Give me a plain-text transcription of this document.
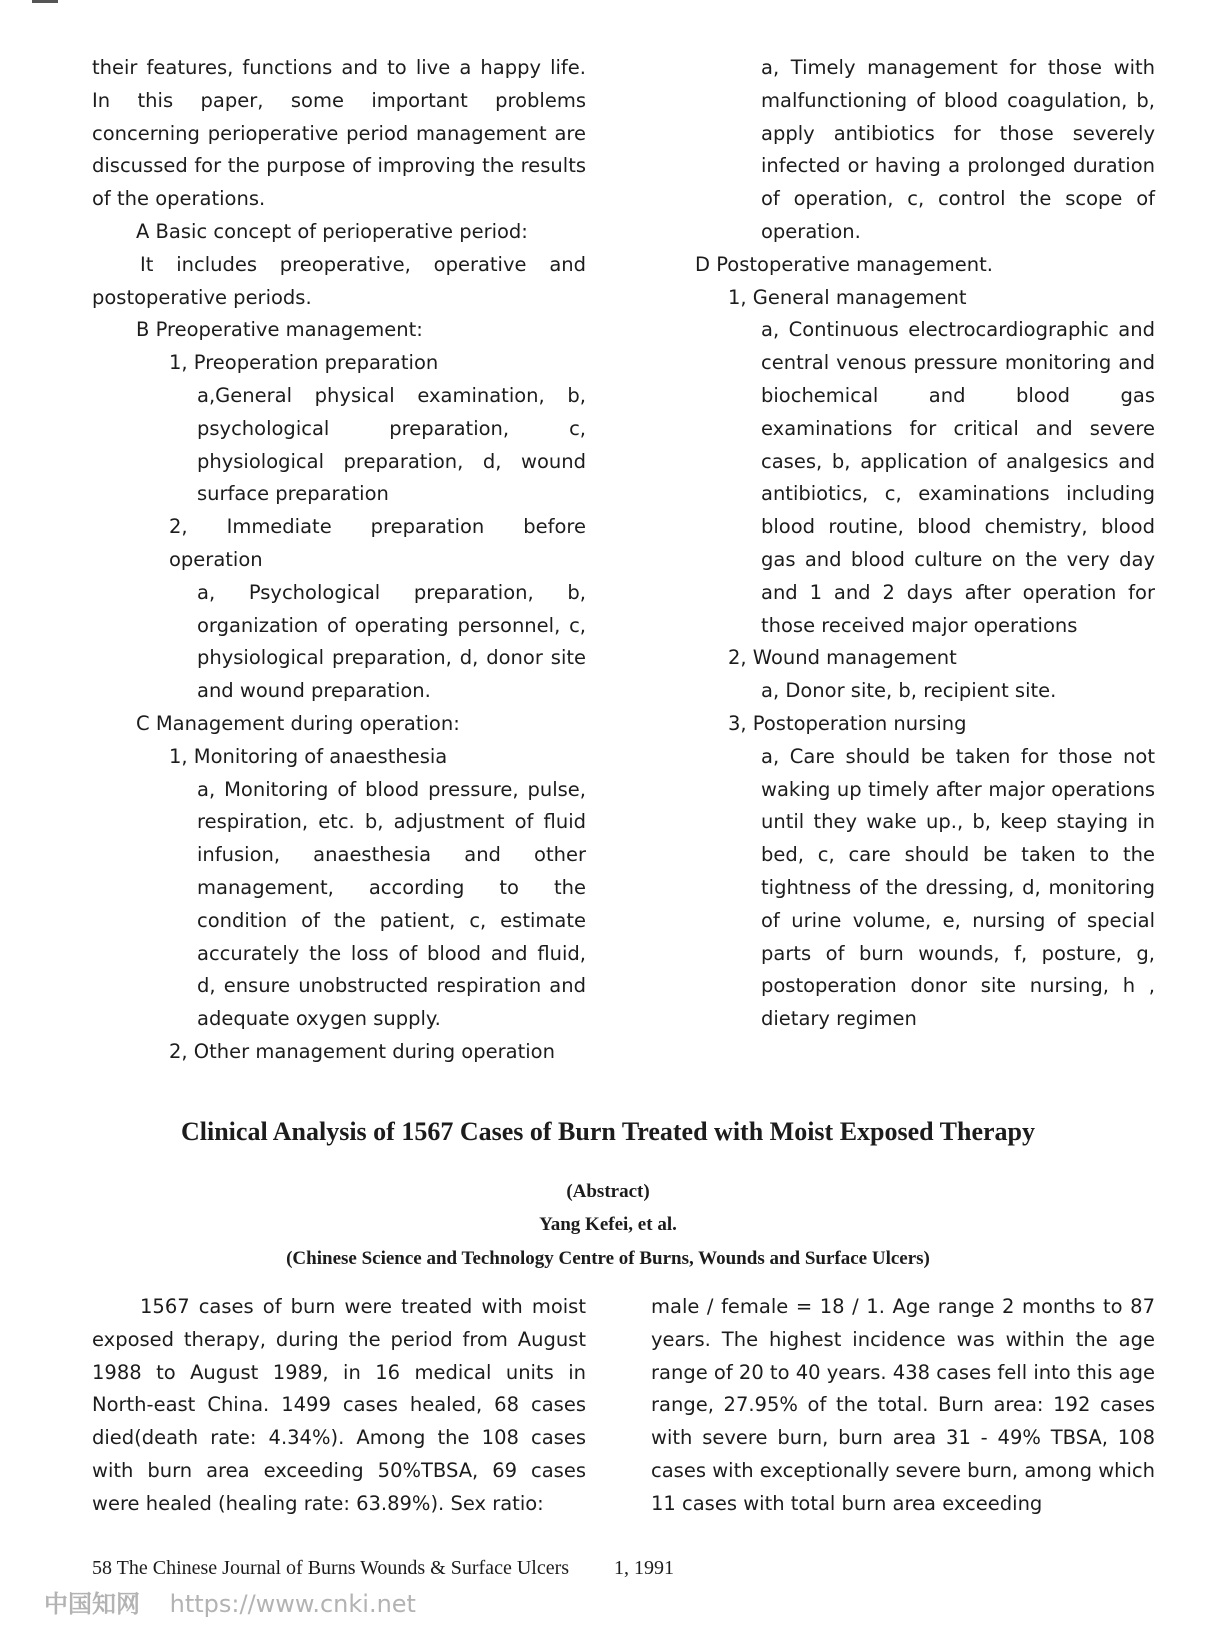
their features, functions and to live a happy life. In this paper, some important problems concerning perioperative period management are discussed for the purpose of improving the results of the operations.

A Basic concept of perioperative period:

It includes preoperative, operative and postoperative periods.

B Preoperative management:

1, Preoperation preparation

a,General physical examination, b, psychological preparation, c, physiological preparation, d, wound surface preparation

2, Immediate preparation before operation

a, Psychological preparation, b, organization of operating personnel, c, physiological preparation, d, donor site and wound preparation.

C Management during operation:

1, Monitoring of anaesthesia

a, Monitoring of blood pressure, pulse, respiration, etc. b, adjustment of fluid infusion, anaesthesia and other management, according to the condition of the patient, c, estimate accurately the loss of blood and fluid, d, ensure unobstructed respiration and adequate oxygen supply.

2, Other management during operation

a, Timely management for those with malfunctioning of blood coagulation, b, apply antibiotics for those severely infected or having a prolonged duration of operation, c, control the scope of operation.

D Postoperative management.

1, General management

a, Continuous electrocardiographic and central venous pressure monitoring and biochemical and blood gas examinations for critical and severe cases, b, application of analgesics and antibiotics, c, examinations including blood routine, blood chemistry, blood gas and blood culture on the very day and 1 and 2 days after operation for those received major operations

2, Wound management

a, Donor site, b, recipient site.

3, Postoperation nursing

a, Care should be taken for those not waking up timely after major operations until they wake up., b, keep staying in bed, c, care should be taken to the tightness of the dressing, d, monitoring of urine volume, e, nursing of special parts of burn wounds, f, posture, g, postoperation donor site nursing, h , dietary regimen

Clinical Analysis of 1567 Cases of Burn Treated with Moist Exposed Therapy
(Abstract)
Yang Kefei, et al.
(Chinese Science and Technology Centre of Burns, Wounds and Surface Ulcers)

1567 cases of burn were treated with moist exposed therapy, during the period from August 1988 to August 1989, in 16 medical units in North-east China. 1499 cases healed, 68 cases died(death rate: 4.34%). Among the 108 cases with burn area exceeding 50%TBSA, 69 cases were healed (healing rate: 63.89%). Sex ratio:

male / female = 18 / 1. Age range 2 months to 87 years. The highest incidence was within the age range of 20 to 40 years. 438 cases fell into this age range, 27.95% of the total. Burn area: 192 cases with severe burn, burn area 31 - 49% TBSA, 108 cases with exceptionally severe burn, among which 11 cases with total burn area exceeding

58 The Chinese Journal of Burns Wounds & Surface Ulcers 1, 1991
中国知网 https://www.cnki.net
